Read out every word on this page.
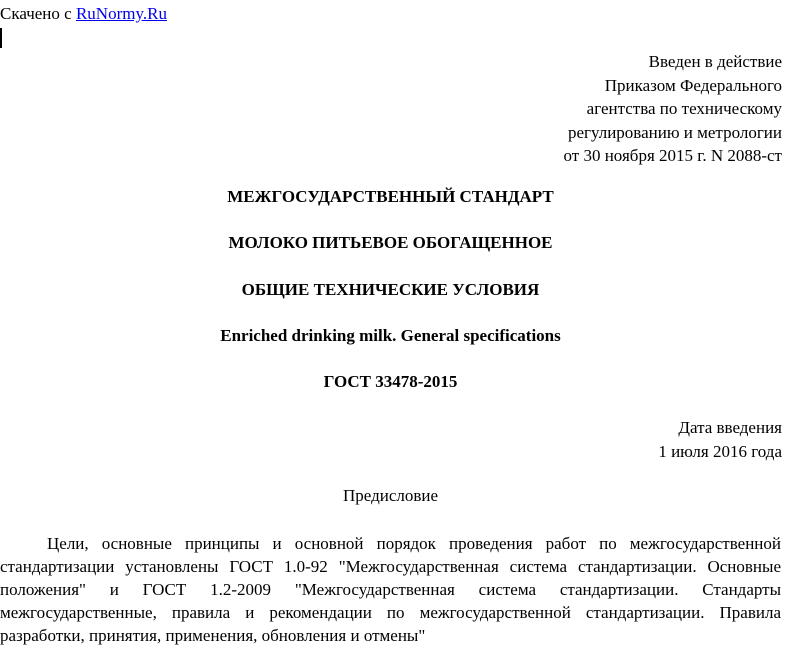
Скачено с RuNormy.Ru
Введен в действие
Приказом Федерального
агентства по техническому
регулированию и метрологии
от 30 ноября 2015 г. N 2088-ст
МЕЖГОСУДАРСТВЕННЫЙ СТАНДАРТ
МОЛОКО ПИТЬЕВОЕ ОБОГАЩЕННОЕ
ОБЩИЕ ТЕХНИЧЕСКИЕ УСЛОВИЯ
Enriched drinking milk. General specifications
ГОСТ 33478-2015
Дата введения
1 июля 2016 года
Предисловие
Цели, основные принципы и основной порядок проведения работ по межгосударственной стандартизации установлены ГОСТ 1.0-92 "Межгосударственная система стандартизации. Основные положения" и ГОСТ 1.2-2009 "Межгосударственная система стандартизации. Стандарты межгосударственные, правила и рекомендации по межгосударственной стандартизации. Правила разработки, принятия, применения, обновления и отмены"
